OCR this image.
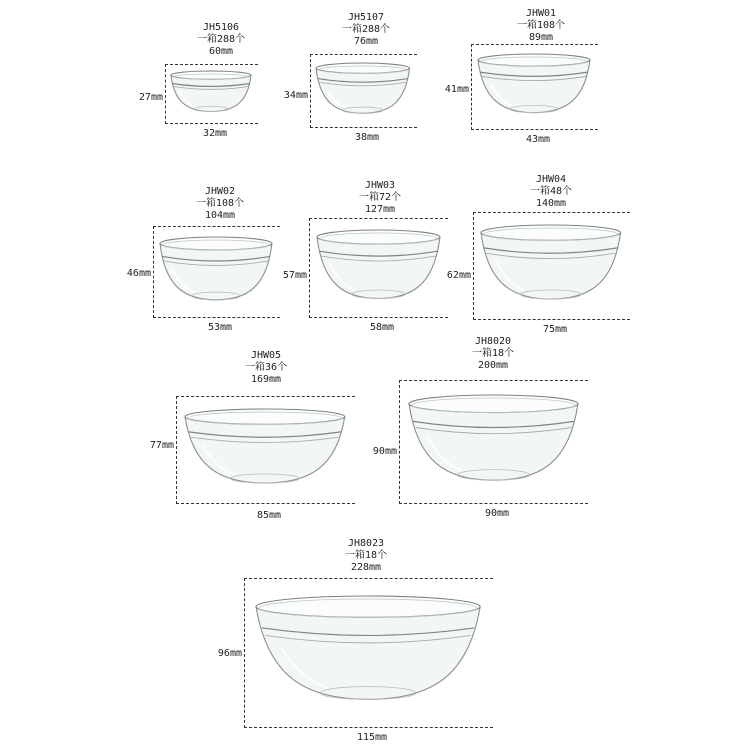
JH5106
一箱288个
60mm
27mm
32mm
JH5107
一箱288个
76mm
34mm
38mm
JHW01
一箱108个
89mm
41mm
43mm
JHW02
一箱108个
104mm
46mm
53mm
JHW03
一箱72个
127mm
57mm
58mm
JHW04
一箱48个
140mm
62mm
75mm
JHW05
一箱36个
169mm
77mm
85mm
JH8020
一箱18个
200mm
90mm
90mm
JH8023
一箱18个
228mm
96mm
115mm
